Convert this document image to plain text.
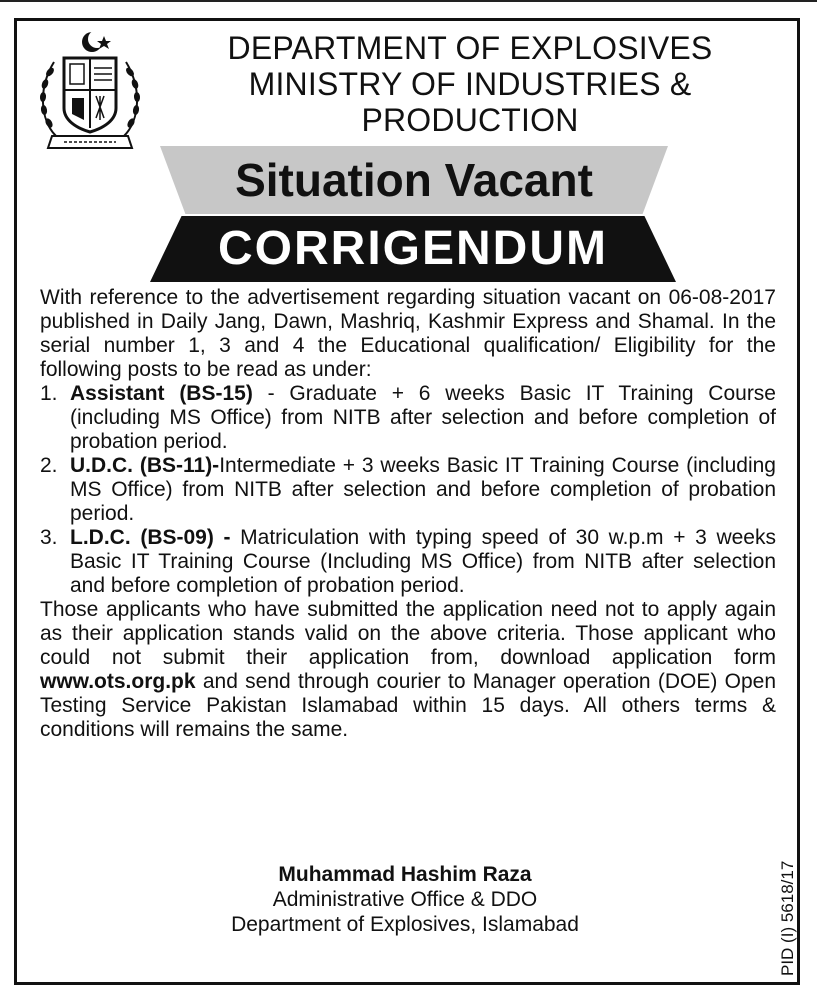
DEPARTMENT OF EXPLOSIVES
MINISTRY OF INDUSTRIES &
PRODUCTION
Situation Vacant
CORRIGENDUM
With reference to the advertisement regarding situation vacant on 06-08-2017 published in Daily Jang, Dawn, Mashriq, Kashmir Express and Shamal. In the serial number 1, 3 and 4 the Educational qualification/ Eligibility for the following posts to be read as under:
1. Assistant (BS-15) - Graduate + 6 weeks Basic IT Training Course (including MS Office) from NITB after selection and before completion of probation period.
2. U.D.C. (BS-11)-Intermediate + 3 weeks Basic IT Training Course (including MS Office) from NITB after selection and before completion of probation period.
3. L.D.C. (BS-09) - Matriculation with typing speed of 30 w.p.m + 3 weeks Basic IT Training Course (Including MS Office) from NITB after selection and before completion of probation period.
Those applicants who have submitted the application need not to apply again as their application stands valid on the above criteria. Those applicant who could not submit their application from, download application form www.ots.org.pk and send through courier to Manager operation (DOE) Open Testing Service Pakistan Islamabad within 15 days. All others terms & conditions will remains the same.
Muhammad Hashim Raza
Administrative Office & DDO
Department of Explosives, Islamabad	PID (I) 5618/17
